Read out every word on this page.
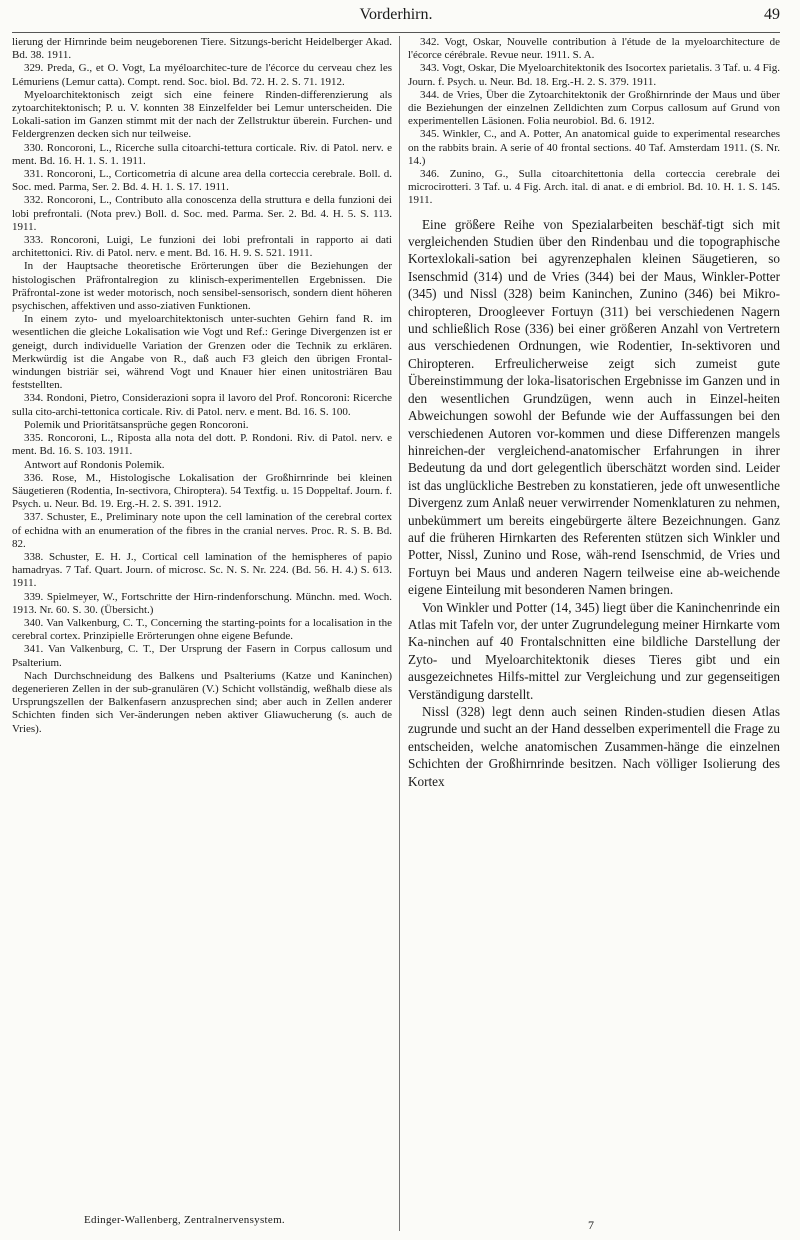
Vorderhirn.	49

lierung der Hirnrinde beim neugeborenen Tiere. Sitzungs-bericht Heidelberger Akad. Bd. 38. 1911.

329. Preda, G., et O. Vogt, La myéloarchitec-ture de l'écorce du cerveau chez les Lémuriens (Lemur catta). Compt. rend. Soc. biol. Bd. 72. H. 2. S. 71. 1912.

Myeloarchitektonisch zeigt sich eine feinere Rinden-differenzierung als zytoarchitektonisch; P. u. V. konnten 38 Einzelfelder bei Lemur unterscheiden. Die Lokali-sation im Ganzen stimmt mit der nach der Zellstruktur überein. Furchen- und Feldergrenzen decken sich nur teilweise.

330. Roncoroni, L., Ricerche sulla citoarchi-tettura corticale. Riv. di Patol. nerv. e ment. Bd. 16. H. 1. S. 1. 1911.

331. Roncoroni, L., Corticometria di alcune area della corteccia cerebrale. Boll. d. Soc. med. Parma, Ser. 2. Bd. 4. H. 1. S. 17. 1911.

332. Roncoroni, L., Contributo alla conoscenza della struttura e della funzioni dei lobi prefrontali. (Nota prev.) Boll. d. Soc. med. Parma. Ser. 2. Bd. 4. H. 5. S. 113. 1911.

333. Roncoroni, Luigi, Le funzioni dei lobi prefrontali in rapporto ai dati architettonici. Riv. di Patol. nerv. e ment. Bd. 16. H. 9. S. 521. 1911.

In der Hauptsache theoretische Erörterungen über die Beziehungen der histologischen Präfrontalregion zu klinisch-experimentellen Ergebnissen. Die Präfrontal-zone ist weder motorisch, noch sensibel-sensorisch, sondern dient höheren psychischen, affektiven und asso-ziativen Funktionen.

In einem zyto- und myeloarchitektonisch unter-suchten Gehirn fand R. im wesentlichen die gleiche Lokalisation wie Vogt und Ref.: Geringe Divergenzen ist er geneigt, durch individuelle Variation der Grenzen oder die Technik zu erklären. Merkwürdig ist die Angabe von R., daß auch F3 gleich den übrigen Frontal-windungen bistriär sei, während Vogt und Knauer hier einen unitostriären Bau feststellten.

334. Rondoni, Pietro, Considerazioni sopra il lavoro del Prof. Roncoroni: Ricerche sulla cito-archi-tettonica corticale. Riv. di Patol. nerv. e ment. Bd. 16. S. 100.

Polemik und Prioritätsansprüche gegen Roncoroni.

335. Roncoroni, L., Riposta alla nota del dott. P. Rondoni. Riv. di Patol. nerv. e ment. Bd. 16. S. 103. 1911.

Antwort auf Rondonis Polemik.

336. Rose, M., Histologische Lokalisation der Großhirnrinde bei kleinen Säugetieren (Rodentia, In-sectivora, Chiroptera). 54 Textfig. u. 15 Doppeltaf. Journ. f. Psych. u. Neur. Bd. 19. Erg.-H. 2. S. 391. 1912.

337. Schuster, E., Preliminary note upon the cell lamination of the cerebral cortex of echidna with an enumeration of the fibres in the cranial nerves. Proc. R. S. B. Bd. 82.

338. Schuster, E. H. J., Cortical cell lamination of the hemispheres of papio hamadryas. 7 Taf. Quart. Journ. of microsc. Sc. N. S. Nr. 224. (Bd. 56. H. 4.) S. 613. 1911.

339. Spielmeyer, W., Fortschritte der Hirn-rindenforschung. Münchn. med. Woch. 1913. Nr. 60. S. 30. (Übersicht.)

340. Van Valkenburg, C. T., Concerning the starting-points for a localisation in the cerebral cortex. Prinzipielle Erörterungen ohne eigene Befunde.

341. Van Valkenburg, C. T., Der Ursprung der Fasern in Corpus callosum und Psalterium.

Nach Durchschneidung des Balkens und Psalteriums (Katze und Kaninchen) degenerieren Zellen in der sub-granulären (V.) Schicht vollständig, weßhalb diese als Ursprungszellen der Balkenfasern anzusprechen sind; aber auch in Zellen anderer Schichten finden sich Ver-änderungen neben aktiver Gliawucherung (s. auch de Vries).

342. Vogt, Oskar, Nouvelle contribution à l'étude de la myeloarchitecture de l'écorce cérébrale. Revue neur. 1911. S. A.

343. Vogt, Oskar, Die Myeloarchitektonik des Isocortex parietalis. 3 Taf. u. 4 Fig. Journ. f. Psych. u. Neur. Bd. 18. Erg.-H. 2. S. 379. 1911.

344. de Vries, Über die Zytoarchitektonik der Großhirnrinde der Maus und über die Beziehungen der einzelnen Zelldichten zum Corpus callosum auf Grund von experimentellen Läsionen. Folia neurobiol. Bd. 6. 1912.

345. Winkler, C., and A. Potter, An anatomical guide to experimental researches on the rabbits brain. A serie of 40 frontal sections. 40 Taf. Amsterdam 1911. (S. Nr. 14.)

346. Zunino, G., Sulla citoarchitettonia della corteccia cerebrale dei microcirotteri. 3 Taf. u. 4 Fig. Arch. ital. di anat. e di embriol. Bd. 10. H. 1. S. 145. 1911.

Eine größere Reihe von Spezialarbeiten beschäf-tigt sich mit vergleichenden Studien über den Rindenbau und die topographische Kortexlokali-sation bei agyrenzephalen kleinen Säugetieren, so Isenschmid (314) und de Vries (344) bei der Maus, Winkler-Potter (345) und Nissl (328) beim Kaninchen, Zunino (346) bei Mikro-chiropteren, Droogleever Fortuyn (311) bei verschiedenen Nagern und schließlich Rose (336) bei einer größeren Anzahl von Vertretern aus verschiedenen Ordnungen, wie Rodentier, In-sektivoren und Chiropteren. Erfreulicherweise zeigt sich zumeist gute Übereinstimmung der loka-lisatorischen Ergebnisse im Ganzen und in den wesentlichen Grundzügen, wenn auch in Einzel-heiten Abweichungen sowohl der Befunde wie der Auffassungen bei den verschiedenen Autoren vor-kommen und diese Differenzen mangels hinreichen-der vergleichend-anatomischer Erfahrungen in ihrer Bedeutung da und dort gelegentlich überschätzt worden sind. Leider ist das unglückliche Bestreben zu konstatieren, jede oft unwesentliche Divergenz zum Anlaß neuer verwirrender Nomenklaturen zu nehmen, unbekümmert um bereits eingebürgerte ältere Bezeichnungen. Ganz auf die früheren Hirnkarten des Referenten stützen sich Winkler und Potter, Nissl, Zunino und Rose, wäh-rend Isenschmid, de Vries und Fortuyn bei Maus und anderen Nagern teilweise eine ab-weichende eigene Einteilung mit besonderen Namen bringen.

Von Winkler und Potter (14, 345) liegt über die Kaninchenrinde ein Atlas mit Tafeln vor, der unter Zugrundelegung meiner Hirnkarte vom Ka-ninchen auf 40 Frontalschnitten eine bildliche Darstellung der Zyto- und Myeloarchitektonik dieses Tieres gibt und ein ausgezeichnetes Hilfs-mittel zur Vergleichung und zur gegenseitigen Verständigung darstellt.

Nissl (328) legt denn auch seinen Rinden-studien diesen Atlas zugrunde und sucht an der Hand desselben experimentell die Frage zu entscheiden, welche anatomischen Zusammen-hänge die einzelnen Schichten der Großhirnrinde besitzen. Nach völliger Isolierung des Kortex

Edinger-Wallenberg, Zentralnervensystem.	7
